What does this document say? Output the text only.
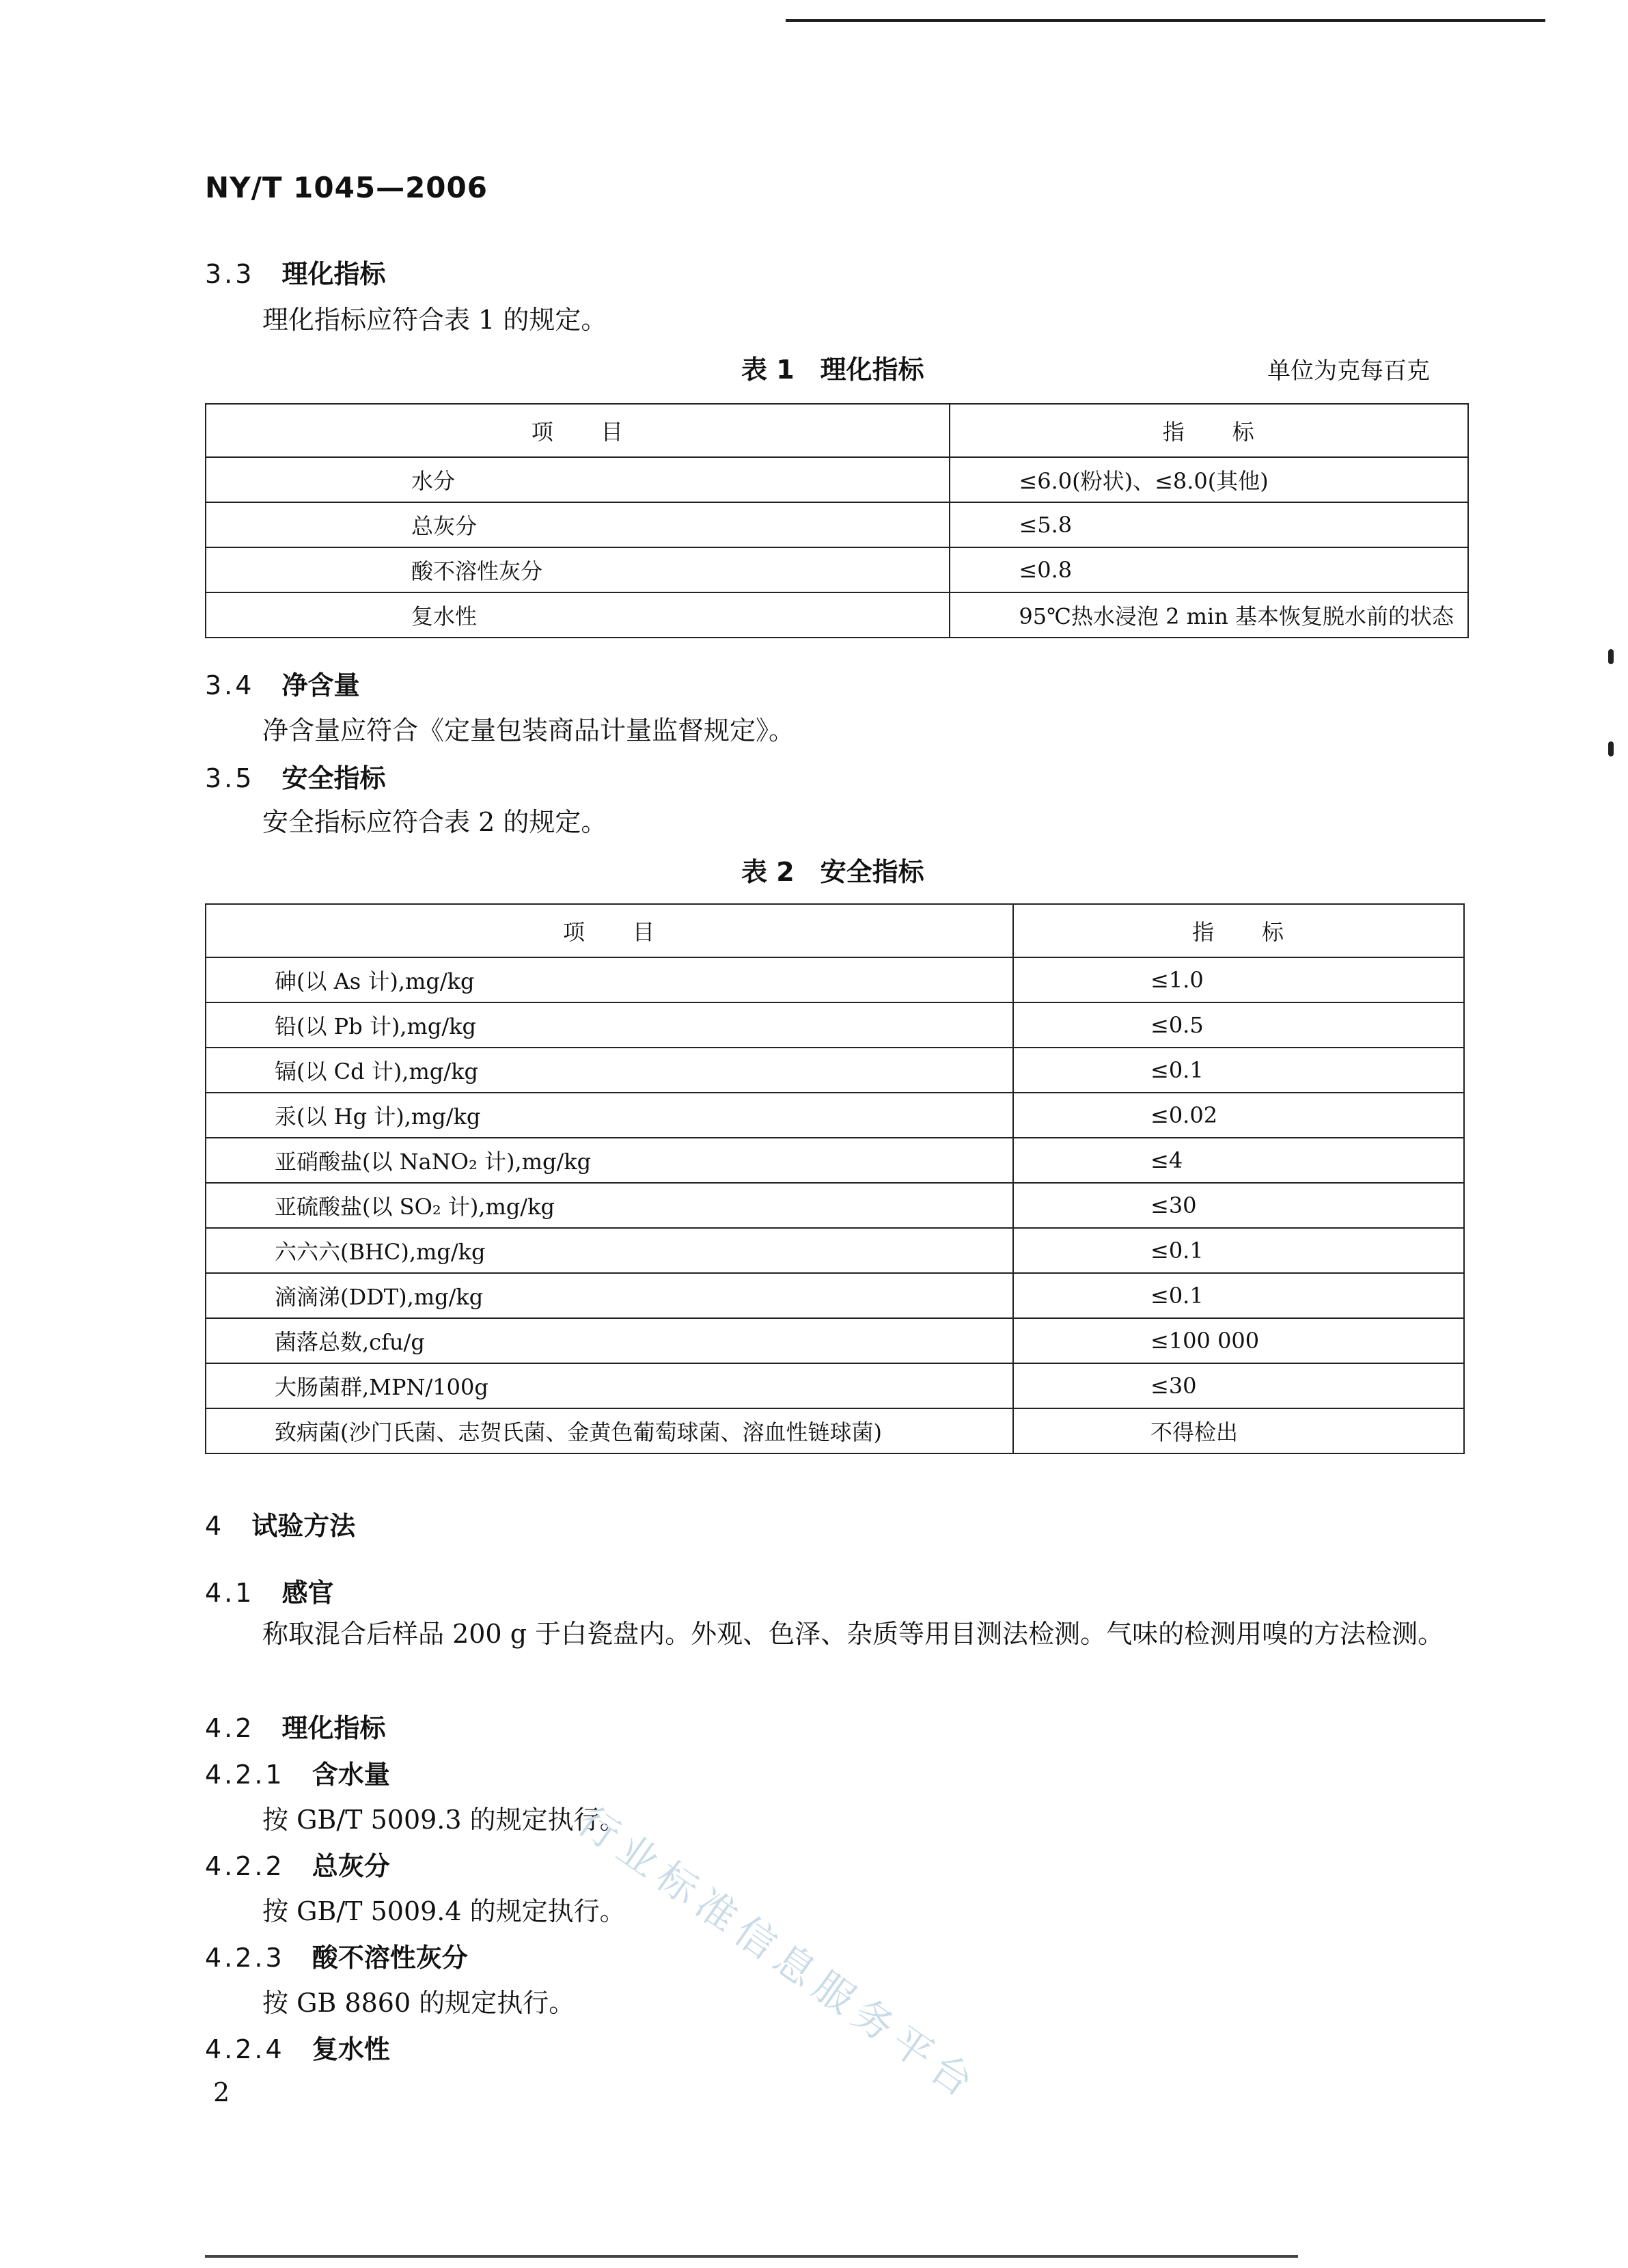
NY/T 1045—2006
3.3 理化指标
理化指标应符合表 1 的规定。
表 1　理化指标	单位为克每百克
项　　目	指　　标
水分	≤6.0(粉状)、≤8.0(其他)
总灰分	≤5.8
酸不溶性灰分	≤0.8
复水性	95℃热水浸泡 2 min 基本恢复脱水前的状态
3.4 净含量
净含量应符合《定量包装商品计量监督规定》。
3.5 安全指标
安全指标应符合表 2 的规定。
表 2　安全指标
项　　目	指　　标
砷(以 As 计),mg/kg	≤1.0
铅(以 Pb 计),mg/kg	≤0.5
镉(以 Cd 计),mg/kg	≤0.1
汞(以 Hg 计),mg/kg	≤0.02
亚硝酸盐(以 NaNO₂ 计),mg/kg	≤4
亚硫酸盐(以 SO₂ 计),mg/kg	≤30
六六六(BHC),mg/kg	≤0.1
滴滴涕(DDT),mg/kg	≤0.1
菌落总数,cfu/g	≤100 000
大肠菌群,MPN/100g	≤30
致病菌(沙门氏菌、志贺氏菌、金黄色葡萄球菌、溶血性链球菌)	不得检出
4 试验方法
4.1 感官
称取混合后样品 200 g 于白瓷盘内。外观、色泽、杂质等用目测法检测。气味的检测用嗅的方法检测。
4.2 理化指标
4.2.1 含水量
按 GB/T 5009.3 的规定执行。
4.2.2 总灰分
按 GB/T 5009.4 的规定执行。
4.2.3 酸不溶性灰分
按 GB 8860 的规定执行。
4.2.4 复水性	行业标准信息服务平台
2
